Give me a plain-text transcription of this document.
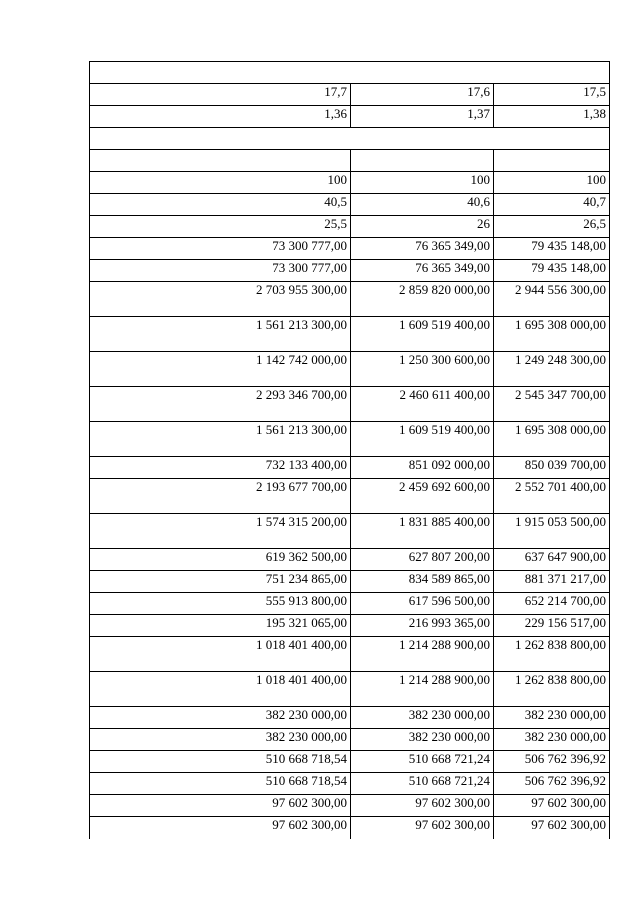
17,7	17,6	17,5
1,36	1,37	1,38

100	100	100
40,5	40,6	40,7
25,5	26	26,5
73 300 777,00	76 365 349,00	79 435 148,00
73 300 777,00	76 365 349,00	79 435 148,00
2 703 955 300,00	2 859 820 000,00	2 944 556 300,00
1 561 213 300,00	1 609 519 400,00	1 695 308 000,00
1 142 742 000,00	1 250 300 600,00	1 249 248 300,00
2 293 346 700,00	2 460 611 400,00	2 545 347 700,00
1 561 213 300,00	1 609 519 400,00	1 695 308 000,00
732 133 400,00	851 092 000,00	850 039 700,00
2 193 677 700,00	2 459 692 600,00	2 552 701 400,00
1 574 315 200,00	1 831 885 400,00	1 915 053 500,00
619 362 500,00	627 807 200,00	637 647 900,00
751 234 865,00	834 589 865,00	881 371 217,00
555 913 800,00	617 596 500,00	652 214 700,00
195 321 065,00	216 993 365,00	229 156 517,00
1 018 401 400,00	1 214 288 900,00	1 262 838 800,00
1 018 401 400,00	1 214 288 900,00	1 262 838 800,00
382 230 000,00	382 230 000,00	382 230 000,00
382 230 000,00	382 230 000,00	382 230 000,00
510 668 718,54	510 668 721,24	506 762 396,92
510 668 718,54	510 668 721,24	506 762 396,92
97 602 300,00	97 602 300,00	97 602 300,00
97 602 300,00	97 602 300,00	97 602 300,00
